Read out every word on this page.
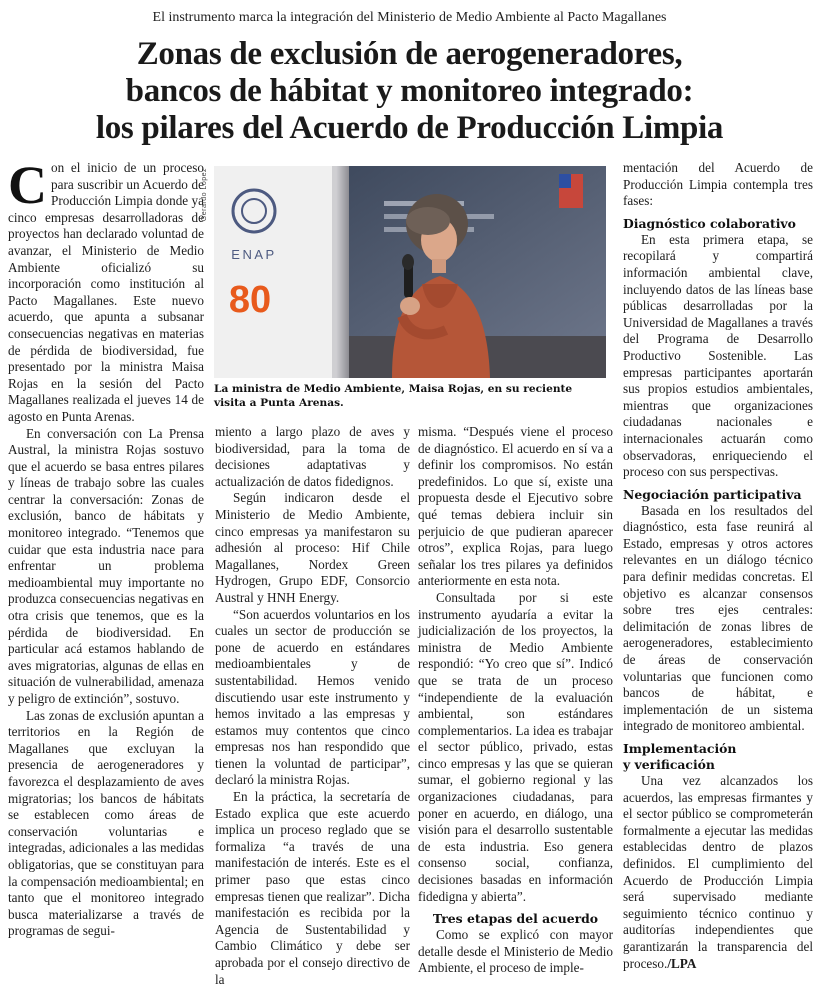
El instrumento marca la integración del Ministerio de Medio Ambiente al Pacto Magallanes
Zonas de exclusión de aerogeneradores,
bancos de hábitat y monitoreo integrado:
los pilares del Acuerdo de Producción Limpia

Con el inicio de un proceso para suscribir un Acuerdo de Producción Limpia donde ya cinco empresas desarrolladoras de proyectos han declarado voluntad de avanzar, el Ministerio de Medio Ambiente oficializó su incorporación como institución al Pacto Magallanes. Este nuevo acuerdo, que apunta a subsanar consecuencias negativas en materias de pérdida de biodiversidad, fue presentado por la ministra Maisa Rojas en la sesión del Pacto Magallanes realizada el jueves 14 de agosto en Punta Arenas.

En conversación con La Prensa Austral, la ministra Rojas sostuvo que el acuerdo se basa entres pilares y líneas de trabajo sobre las cuales centrar la conversación: Zonas de exclusión, banco de hábitats y monitoreo integrado. “Tenemos que cuidar que esta industria nace para enfrentar un problema medioambiental muy importante no produzca consecuencias negativas en otra crisis que tenemos, que es la pérdida de biodiversidad. En particular acá estamos hablando de aves migratorias, algunas de ellas en situación de vulnerabilidad, amenaza y peligro de extinción”, sostuvo.

Las zonas de exclusión apuntan a territorios en la Región de Magallanes que excluyan la presencia de aerogeneradores y favorezca el desplazamiento de aves migratorias; los bancos de hábitats se establecen como áreas de conservación voluntarias e integradas, adicionales a las medidas obligatorias, que se constituyan para la compensación medioambiental; en tanto que el monitoreo integrado busca materializarse a través de programas de segui-

Gerardo López
ENAP
80
La ministra de Medio Ambiente, Maisa Rojas, en su reciente visita a Punta Arenas.

miento a largo plazo de aves y biodiversidad, para la toma de decisiones adaptativas y actualización de datos fidedignos.

Según indicaron desde el Ministerio de Medio Ambiente, cinco empresas ya manifestaron su adhesión al proceso: Hif Chile Magallanes, Nordex Green Hydrogen, Grupo EDF, Consorcio Austral y HNH Energy.

“Son acuerdos voluntarios en los cuales un sector de producción se pone de acuerdo en estándares medioambientales y de sustentabilidad. Hemos venido discutiendo usar este instrumento y hemos invitado a las empresas y estamos muy contentos que cinco empresas nos han respondido que tienen la voluntad de participar”, declaró la ministra Rojas.

En la práctica, la secretaría de Estado explica que este acuerdo implica un proceso reglado que se formaliza “a través de una manifestación de interés. Este es el primer paso que estas cinco empresas tienen que realizar”. Dicha manifestación es recibida por la Agencia de Sustentabilidad y Cambio Climático y debe ser aprobada por el consejo directivo de la

misma. “Después viene el proceso de diagnóstico. El acuerdo en sí va a definir los compromisos. No están predefinidos. Lo que sí, existe una propuesta desde el Ejecutivo sobre qué temas debiera incluir sin perjuicio de que pudieran aparecer otros”, explica Rojas, para luego señalar los tres pilares ya definidos anteriormente en esta nota.

Consultada por si este instrumento ayudaría a evitar la judicialización de los proyectos, la ministra de Medio Ambiente respondió: “Yo creo que sí”. Indicó que se trata de un proceso “independiente de la evaluación ambiental, son estándares complementarios. La idea es trabajar el sector público, privado, estas cinco empresas y las que se quieran sumar, el gobierno regional y las organizaciones ciudadanas, para poner en acuerdo, en diálogo, una visión para el desarrollo sustentable de esta industria. Eso genera consenso social, confianza, decisiones basadas en información fidedigna y abierta”.

Tres etapas del acuerdo

Como se explicó con mayor detalle desde el Ministerio de Medio Ambiente, el proceso de imple-

mentación del Acuerdo de Producción Limpia contempla tres fases:

Diagnóstico colaborativo

En esta primera etapa, se recopilará y compartirá información ambiental clave, incluyendo datos de las líneas base públicas desarrolladas por la Universidad de Magallanes a través del Programa de Desarrollo Productivo Sostenible. Las empresas participantes aportarán sus propios estudios ambientales, mientras que organizaciones ciudadanas nacionales e internacionales actuarán como observadoras, enriqueciendo el proceso con sus perspectivas.

Negociación participativa

Basada en los resultados del diagnóstico, esta fase reunirá al Estado, empresas y otros actores relevantes en un diálogo técnico para definir medidas concretas. El objetivo es alcanzar consensos sobre tres ejes centrales: delimitación de zonas libres de aerogeneradores, establecimiento de áreas de conservación voluntarias que funcionen como bancos de hábitat, e implementación de un sistema integrado de monitoreo ambiental.

Implementación
y verificación

Una vez alcanzados los acuerdos, las empresas firmantes y el sector público se comprometerán formalmente a ejecutar las medidas establecidas dentro de plazos definidos. El cumplimiento del Acuerdo de Producción Limpia será supervisado mediante seguimiento técnico continuo y auditorías independientes que garantizarán la transparencia del proceso./LPA
